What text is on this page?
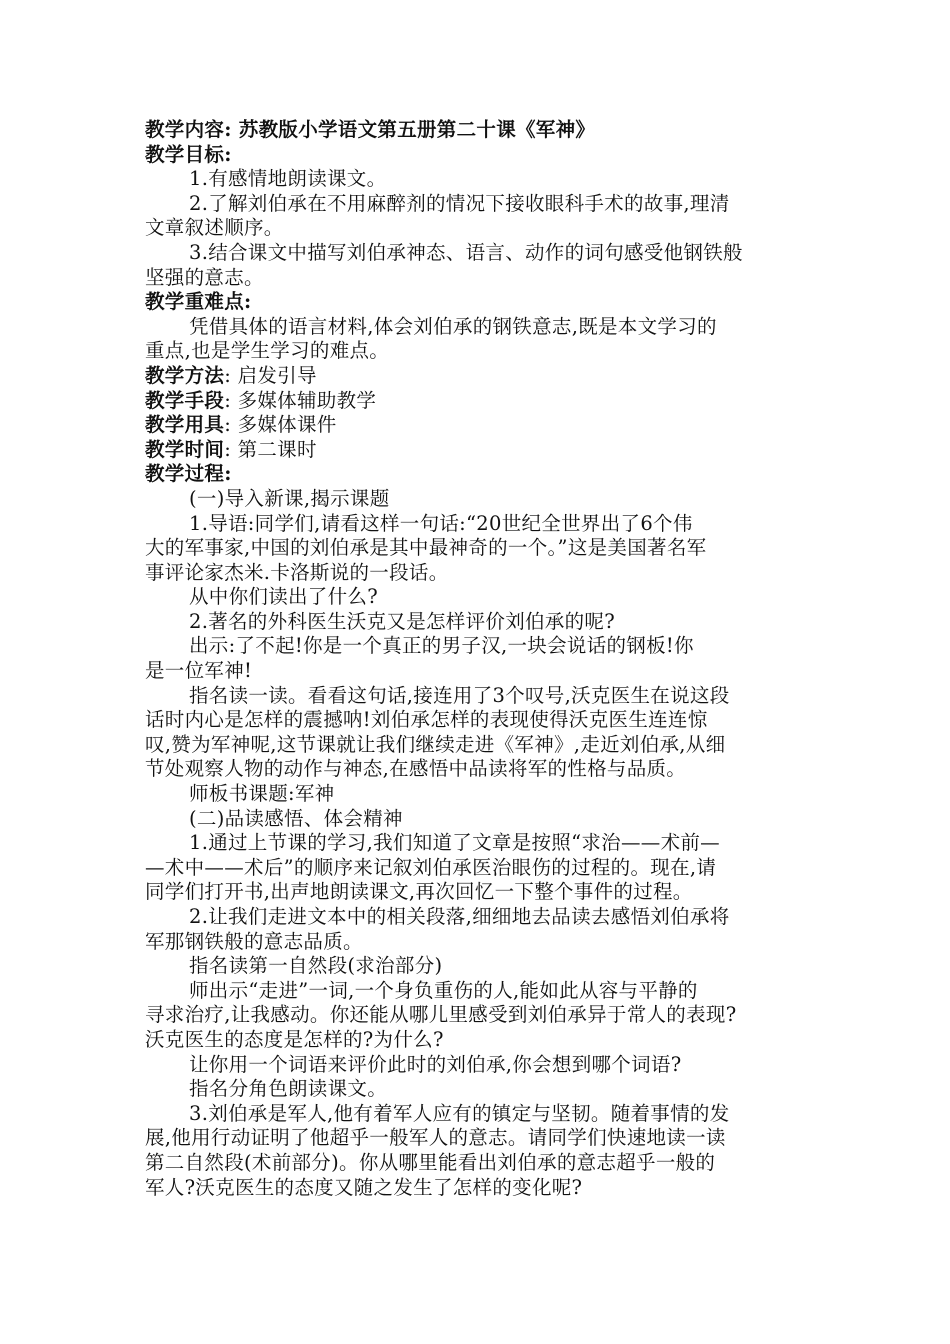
教学内容: 苏教版小学语文第五册第二十课《军神》
教学目标:
1.有感情地朗读课文。
2.了解刘伯承在不用麻醉剂的情况下接收眼科手术的故事,理清
文章叙述顺序。
3.结合课文中描写刘伯承神态、语言、动作的词句感受他钢铁般
坚强的意志。
教学重难点:
凭借具体的语言材料,体会刘伯承的钢铁意志,既是本文学习的
重点,也是学生学习的难点。
教学方法: 启发引导
教学手段: 多媒体辅助教学
教学用具: 多媒体课件
教学时间: 第二课时
教学过程:
(一)导入新课,揭示课题
1.导语:同学们,请看这样一句话:“20世纪全世界出了6个伟
大的军事家,中国的刘伯承是其中最神奇的一个。”这是美国著名军
事评论家杰米.卡洛斯说的一段话。
从中你们读出了什么?
2.著名的外科医生沃克又是怎样评价刘伯承的呢?
出示:了不起!你是一个真正的男子汉,一块会说话的钢板!你
是一位军神!
指名读一读。看看这句话,接连用了3个叹号,沃克医生在说这段
话时内心是怎样的震撼呐!刘伯承怎样的表现使得沃克医生连连惊
叹,赞为军神呢,这节课就让我们继续走进《军神》,走近刘伯承,从细
节处观察人物的动作与神态,在感悟中品读将军的性格与品质。
师板书课题:军神
(二)品读感悟、体会精神
1.通过上节课的学习,我们知道了文章是按照“求治——术前—
—术中——术后”的顺序来记叙刘伯承医治眼伤的过程的。现在,请
同学们打开书,出声地朗读课文,再次回忆一下整个事件的过程。
2.让我们走进文本中的相关段落,细细地去品读去感悟刘伯承将
军那钢铁般的意志品质。
指名读第一自然段(求治部分)
师出示“走进”一词,一个身负重伤的人,能如此从容与平静的
寻求治疗,让我感动。你还能从哪儿里感受到刘伯承异于常人的表现?
沃克医生的态度是怎样的?为什么?
让你用一个词语来评价此时的刘伯承,你会想到哪个词语?
指名分角色朗读课文。
3.刘伯承是军人,他有着军人应有的镇定与坚韧。随着事情的发
展,他用行动证明了他超乎一般军人的意志。请同学们快速地读一读
第二自然段(术前部分)。你从哪里能看出刘伯承的意志超乎一般的
军人?沃克医生的态度又随之发生了怎样的变化呢?
